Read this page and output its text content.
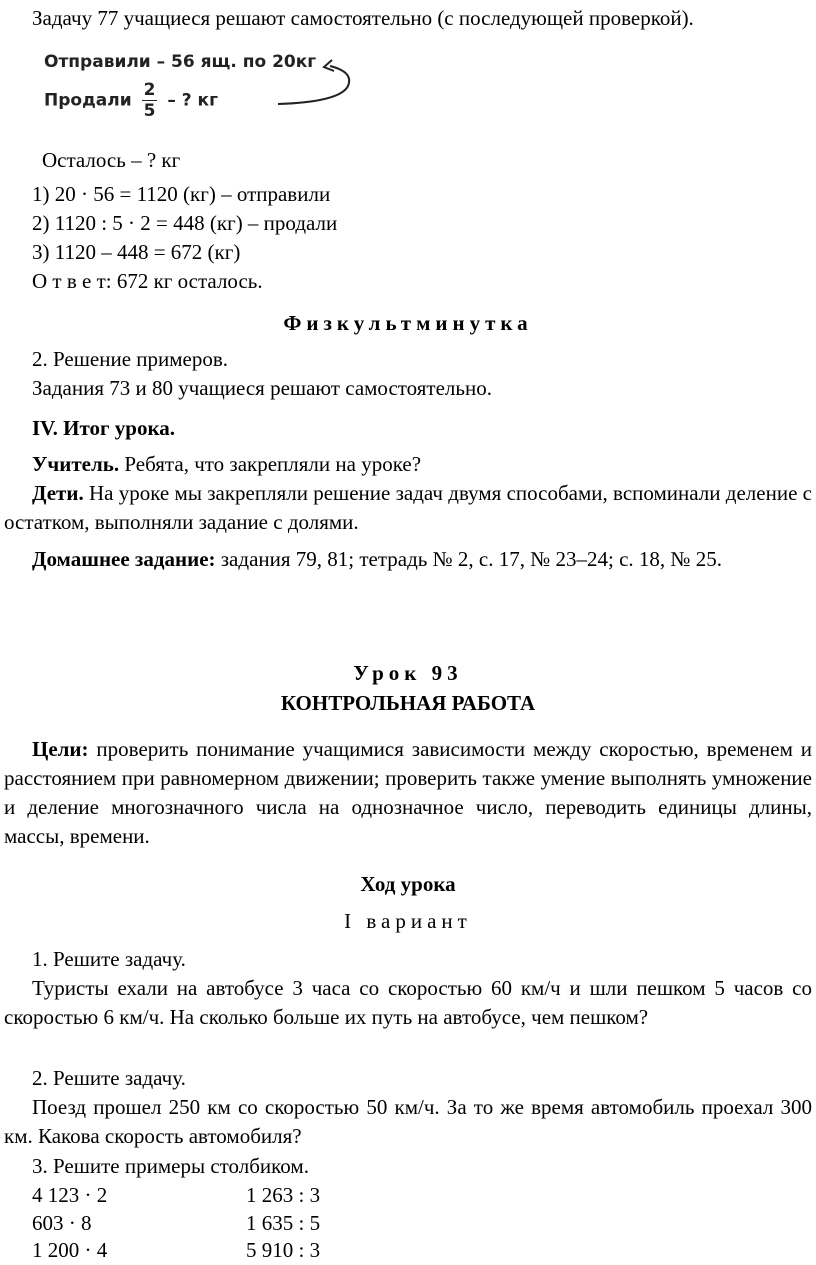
Задачу 77 учащиеся решают самостоятельно (с последующей проверкой).

Отправили – 56 ящ. по 20кг
Продали $\frac{2}{5}$ – ? кг

Осталось – ? кг

1) 20 · 56 = 1120 (кг) – отправили

2) 1120 : 5 · 2 = 448 (кг) – продали

3) 1120 – 448 = 672 (кг)

О т в е т: 672 кг осталось.

Физкультминутка

2. Решение примеров.

Задания 73 и 80 учащиеся решают самостоятельно.

IV. Итог урока.

Учитель. Ребята, что закрепляли на уроке?

Дети. На уроке мы закрепляли решение задач двумя способами, вспоминали деление с остатком, выполняли задание с долями.

Домашнее задание: задания 79, 81; тетрадь № 2, с. 17, № 23–24; с. 18, № 25.

Урок 93

КОНТРОЛЬНАЯ РАБОТА

Цели: проверить понимание учащимися зависимости между скоростью, временем и расстоянием при равномерном движении; проверить также умение выполнять умножение и деление многозначного числа на однозначное число, переводить единицы длины, массы, времени.

Ход урока

I вариант

1. Решите задачу.

Туристы ехали на автобусе 3 часа со скоростью 60 км/ч и шли пешком 5 часов со скоростью 6 км/ч. На сколько больше их путь на автобусе, чем пешком?

2. Решите задачу.

Поезд прошел 250 км со скоростью 50 км/ч. За то же время автомобиль проехал 300 км. Какова скорость автомобиля?

3. Решите примеры столбиком.

4 123 · 2	1 263 : 3
603 · 8	1 635 : 5
1 200 · 4	5 910 : 3
